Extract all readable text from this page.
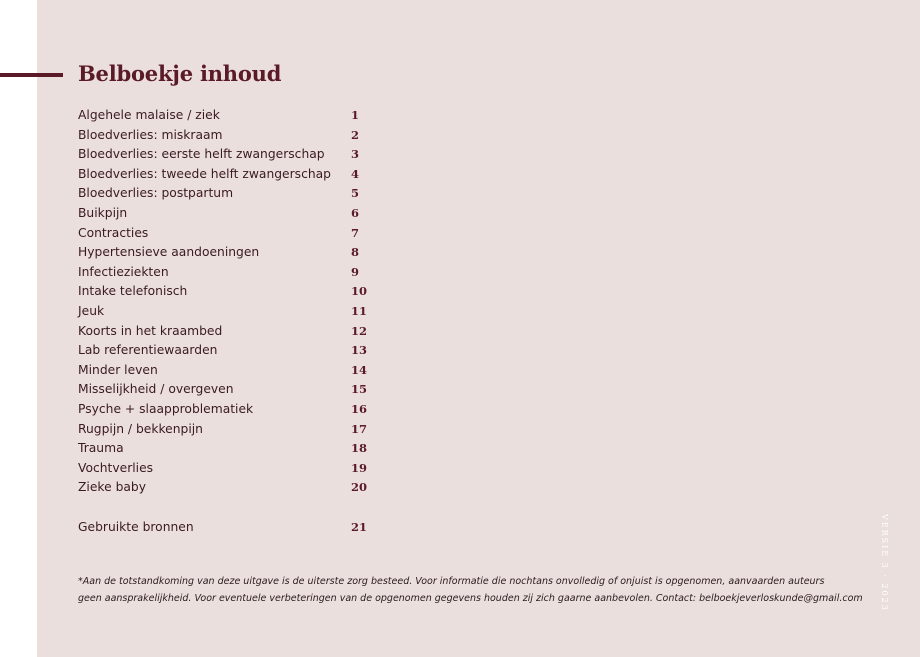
Belboekje inhoud
Algehele malaise / ziek	1
Bloedverlies: miskraam	2
Bloedverlies: eerste helft zwangerschap 3
Bloedverlies: tweede helft zwangerschap 4
Bloedverlies: postpartum	5
Buikpijn	6
Contracties	7
Hypertensieve aandoeningen	8
Infectieziekten	9
Intake telefonisch	10
Jeuk	11
Koorts in het kraambed	12
Lab referentiewaarden	13
Minder leven	14
Misselijkheid / overgeven	15
Psyche + slaapproblematiek	16
Rugpijn / bekkenpijn	17
Trauma	18
Vochtverlies	19
Zieke baby	20
Gebruikte bronnen	21
*Aan de totstandkoming van deze uitgave is de uiterste zorg besteed. Voor informatie die nochtans onvolledig of onjuist is opgenomen, aanvaarden auteurs
geen aansprakelijkheid. Voor eventuele verbeteringen van de opgenomen gegevens houden zij zich gaarne aanbevolen. Contact: belboekjeverloskunde@gmail.com	VERSIE 3 · 2023
